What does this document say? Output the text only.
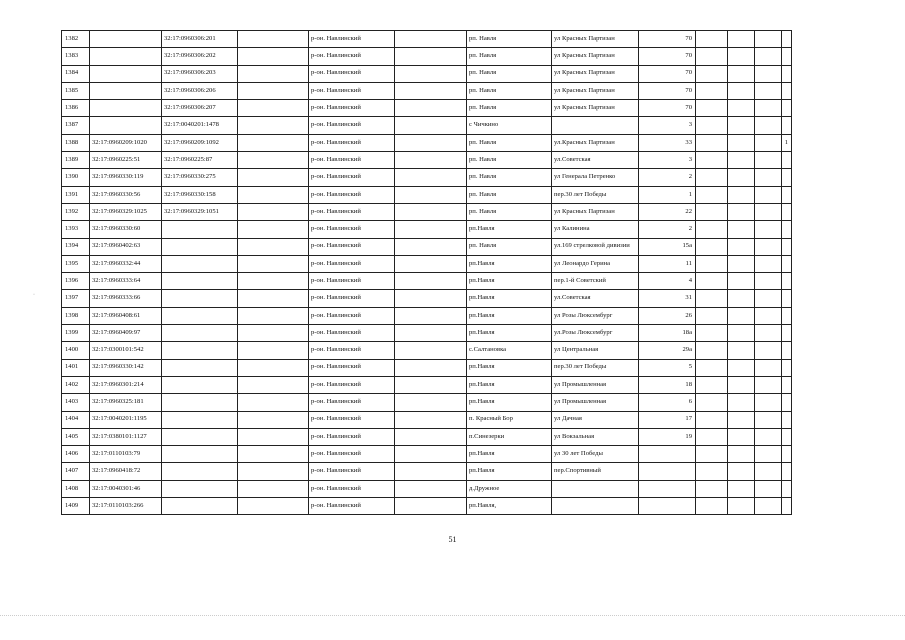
1382		32:17:0960306:201		р-он. Навлинский		рп. Навля	ул Красных Партизан	70				
1383		32:17:0960306:202		р-он. Навлинский		рп. Навля	ул Красных Партизан	70				
1384		32:17:0960306:203		р-он. Навлинский		рп. Навля	ул Красных Партизан	70				
1385		32:17:0960306:206		р-он. Навлинский		рп. Навля	ул Красных Партизан	70				
1386		32:17:0960306:207		р-он. Навлинский		рп. Навля	ул Красных Партизан	70				
1387		32:17:0040201:1478		р-он. Навлинский		с Чичкино		3				
1388	32:17:0960209:1020	32:17:0960209:1092		р-он. Навлинский		рп. Навля	ул.Красных Партизан	33				1
1389	32:17:0960225:51	32:17:0960225:87		р-он. Навлинский		рп. Навля	ул.Советская	3				
1390	32:17:0960330:119	32:17:0960330:275		р-он. Навлинский		рп. Навля	ул Генерала Петренко	2				
1391	32:17:0960330:56	32:17:0960330:158		р-он. Навлинский		рп. Навля	пер.30 лет Победы	1				
1392	32:17:0960329:1025	32:17:0960329:1051		р-он. Навлинский		рп. Навля	ул Красных Партизан	22				
1393	32:17:0960330:60			р-он. Навлинский		рп.Навля	ул Калинина	2				
1394	32:17:0960402:63			р-он. Навлинский		рп. Навля	ул.169 стрелковой дивизии	15а				
1395	32:17:0960332:44			р-он. Навлинский		рп.Навля	ул Леонардо Герина	11				
1396	32:17:0960333:64			р-он. Навлинский		рп.Навля	пер.1-й Советский	4				
1397	32:17:0960333:66			р-он. Навлинский		рп.Навля	ул.Советская	31				
1398	32:17:0960408:61			р-он. Навлинский		рп.Навля	ул Розы Люксембург	26				
1399	32:17:0960409:97			р-он. Навлинский		рп.Навля	ул.Розы Люксембург	18а				
1400	32:17:0300101:542			р-он. Навлинский		с.Салтановка	ул Центральная	29а				
1401	32:17:0960330:142			р-он. Навлинский		рп.Навля	пер.30 лет Победы	5				
1402	32:17:0960301:214			р-он. Навлинский		рп.Навля	ул Промышленная	18				
1403	32:17:0960325:181			р-он. Навлинский		рп.Навля	ул Промышленная	6				
1404	32:17:0040201:1195			р-он. Навлинский		п. Красный Бор	ул Дачная	17				
1405	32:17:0380101:1127			р-он. Навлинский		п.Синезерки	ул Вокзальная	19				
1406	32:17:0110103:79			р-он. Навлинский		рп.Навля	ул 30 лет Победы					
1407	32:17:0960418:72			р-он. Навлинский		рп.Навля	пер.Спортивный					
1408	32:17:0040301:46			р-он. Навлинский		д.Дружное						
1409	32:17:0110103:266			р-он. Навлинский		рп.Навля,						
51
·
